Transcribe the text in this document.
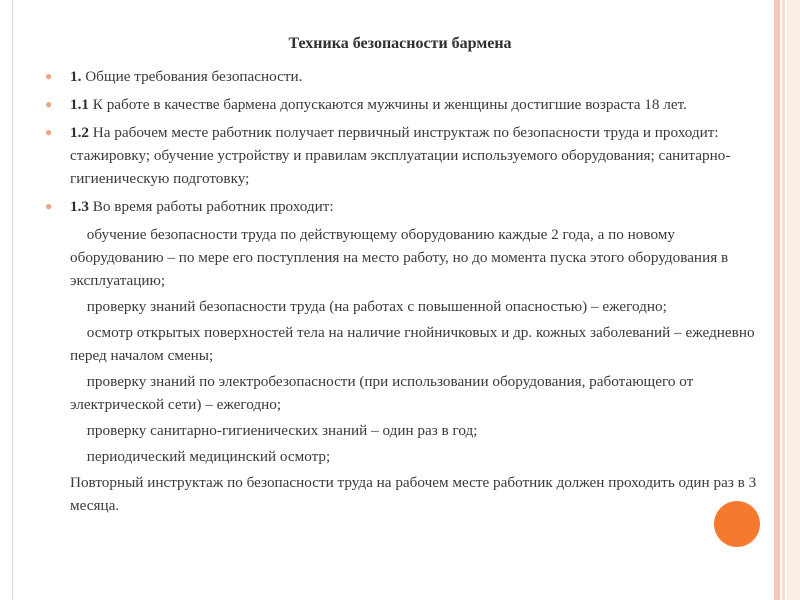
Техника безопасности бармена
● 1. Общие требования безопасности.
● 1.1 К работе в качестве бармена допускаются мужчины и женщины достигшие возраста 18 лет.
● 1.2 На рабочем месте работник получает первичный инструктаж по безопасности труда и проходит: стажировку; обучение устройству и правилам эксплуатации используемого оборудования; санитарно-гигиеническую подготовку;
● 1.3 Во время работы работник проходит:
обучение безопасности труда по действующему оборудованию каждые 2 года, а по новому оборудованию – по мере его поступления на место работу, но до момента пуска этого оборудования в эксплуатацию;
проверку знаний безопасности труда (на работах с повышенной опасностью) – ежегодно;
осмотр открытых поверхностей тела на наличие гнойничковых и др. кожных заболеваний – ежедневно перед началом смены;
проверку знаний по электробезопасности (при использовании оборудования, работающего от электрической сети) – ежегодно;
проверку санитарно-гигиенических знаний – один раз в год;
периодический медицинский осмотр;
Повторный инструктаж по безопасности труда на рабочем месте работник должен проходить один раз в 3 месяца.
